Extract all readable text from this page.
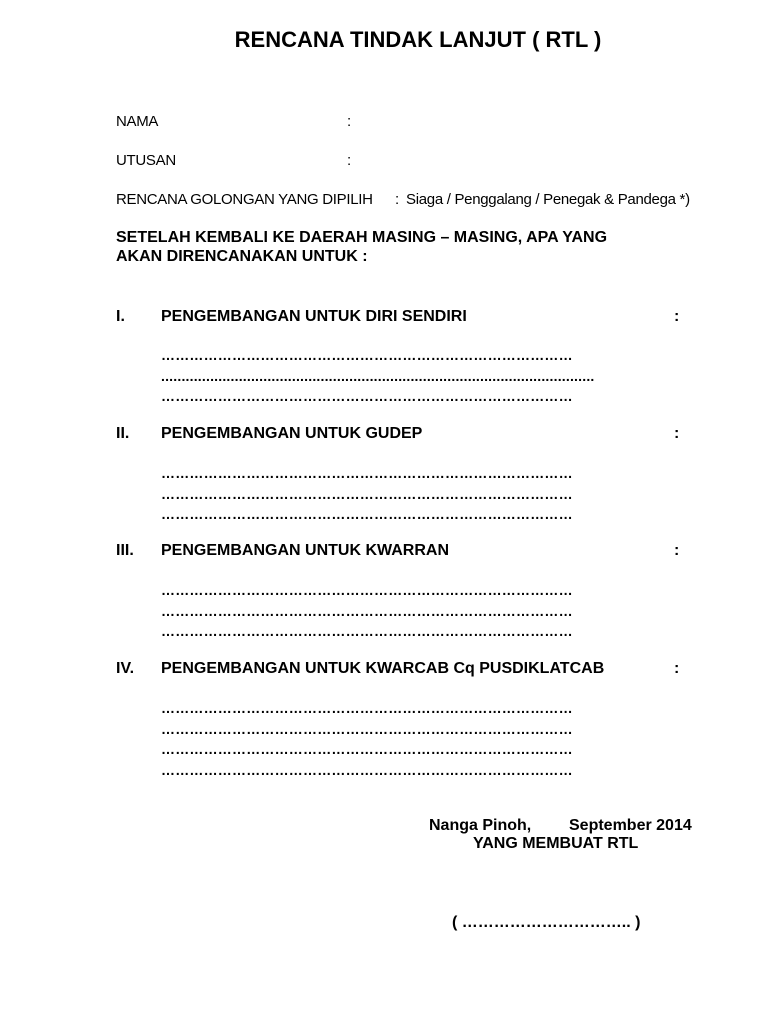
RENCANA TINDAK LANJUT ( RTL )
NAMA	:
UTUSAN	:
RENCANA GOLONGAN YANG DIPILIH : Siaga / Penggalang / Penegak & Pandega *)
SETELAH KEMBALI KE DAERAH MASING – MASING, APA YANG
AKAN DIRENCANAKAN UNTUK :
I. PENGEMBANGAN UNTUK DIRI SENDIRI	:
……………………………………………………………………………
..........................................................................................................
……………………………………………………………………………
II. PENGEMBANGAN UNTUK GUDEP	:
……………………………………………………………………………
……………………………………………………………………………
……………………………………………………………………………
III. PENGEMBANGAN UNTUK KWARRAN	:
……………………………………………………………………………
……………………………………………………………………………
……………………………………………………………………………
IV. PENGEMBANGAN UNTUK KWARCAB Cq PUSDIKLATCAB	:
……………………………………………………………………………
……………………………………………………………………………
……………………………………………………………………………
……………………………………………………………………………
Nanga Pinoh, September 2014
YANG MEMBUAT RTL
( ………………………….. )
